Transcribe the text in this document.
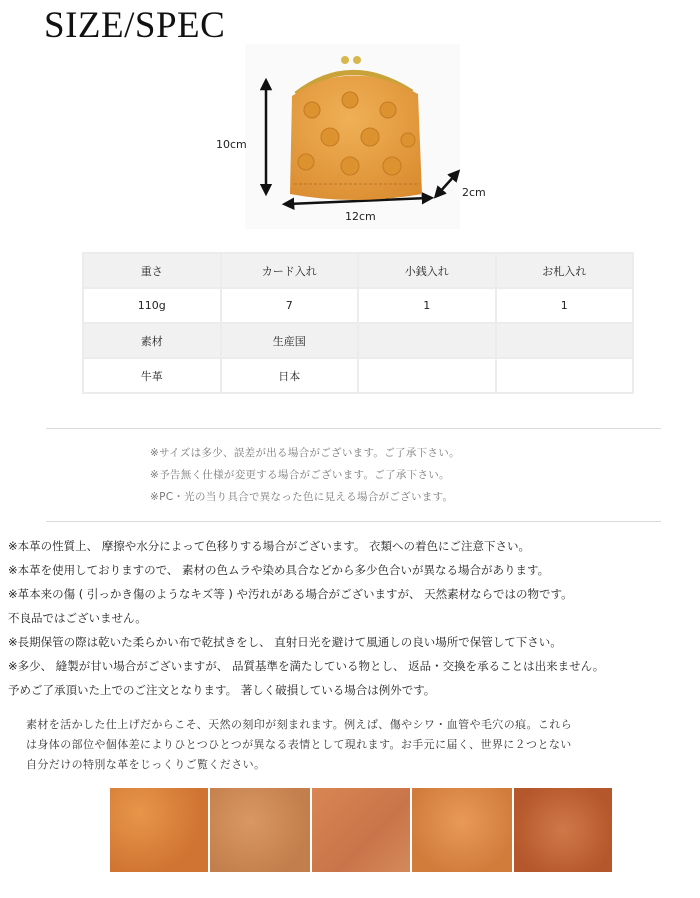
SIZE/SPEC
10cm
12cm
2cm
重さ	カード入れ	小銭入れ	お札入れ
110g	7	1	1
素材	生産国		
牛革	日本		
※サイズは多少、誤差が出る場合がございます。ご了承下さい。
※予告無く仕様が変更する場合がございます。ご了承下さい。
※PC・光の当り具合で異なった色に見える場合がございます。
※本革の性質上、 摩擦や水分によって色移りする場合がございます。 衣類への着色にご注意下さい。
※本革を使用しておりますので、 素材の色ムラや染め具合などから多少色合いが異なる場合があります。
※革本来の傷 ( 引っかき傷のようなキズ等 ) や汚れがある場合がございますが、 天然素材ならではの物です。
不良品ではございません。
※長期保管の際は乾いた柔らかい布で乾拭きをし、 直射日光を避けて風通しの良い場所で保管して下さい。
※多少、 縫製が甘い場合がございますが、 品質基準を満たしている物とし、 返品・交換を承ることは出来ません。
予めご了承頂いた上でのご注文となります。 著しく破損している場合は例外です。
素材を活かした仕上げだからこそ、天然の刻印が刻まれます。例えば、傷やシワ・血管や毛穴の痕。これら
は身体の部位や個体差によりひとつひとつが異なる表情として現れます。お手元に届く、世界に２つとない
自分だけの特別な革をじっくりご覧ください。
